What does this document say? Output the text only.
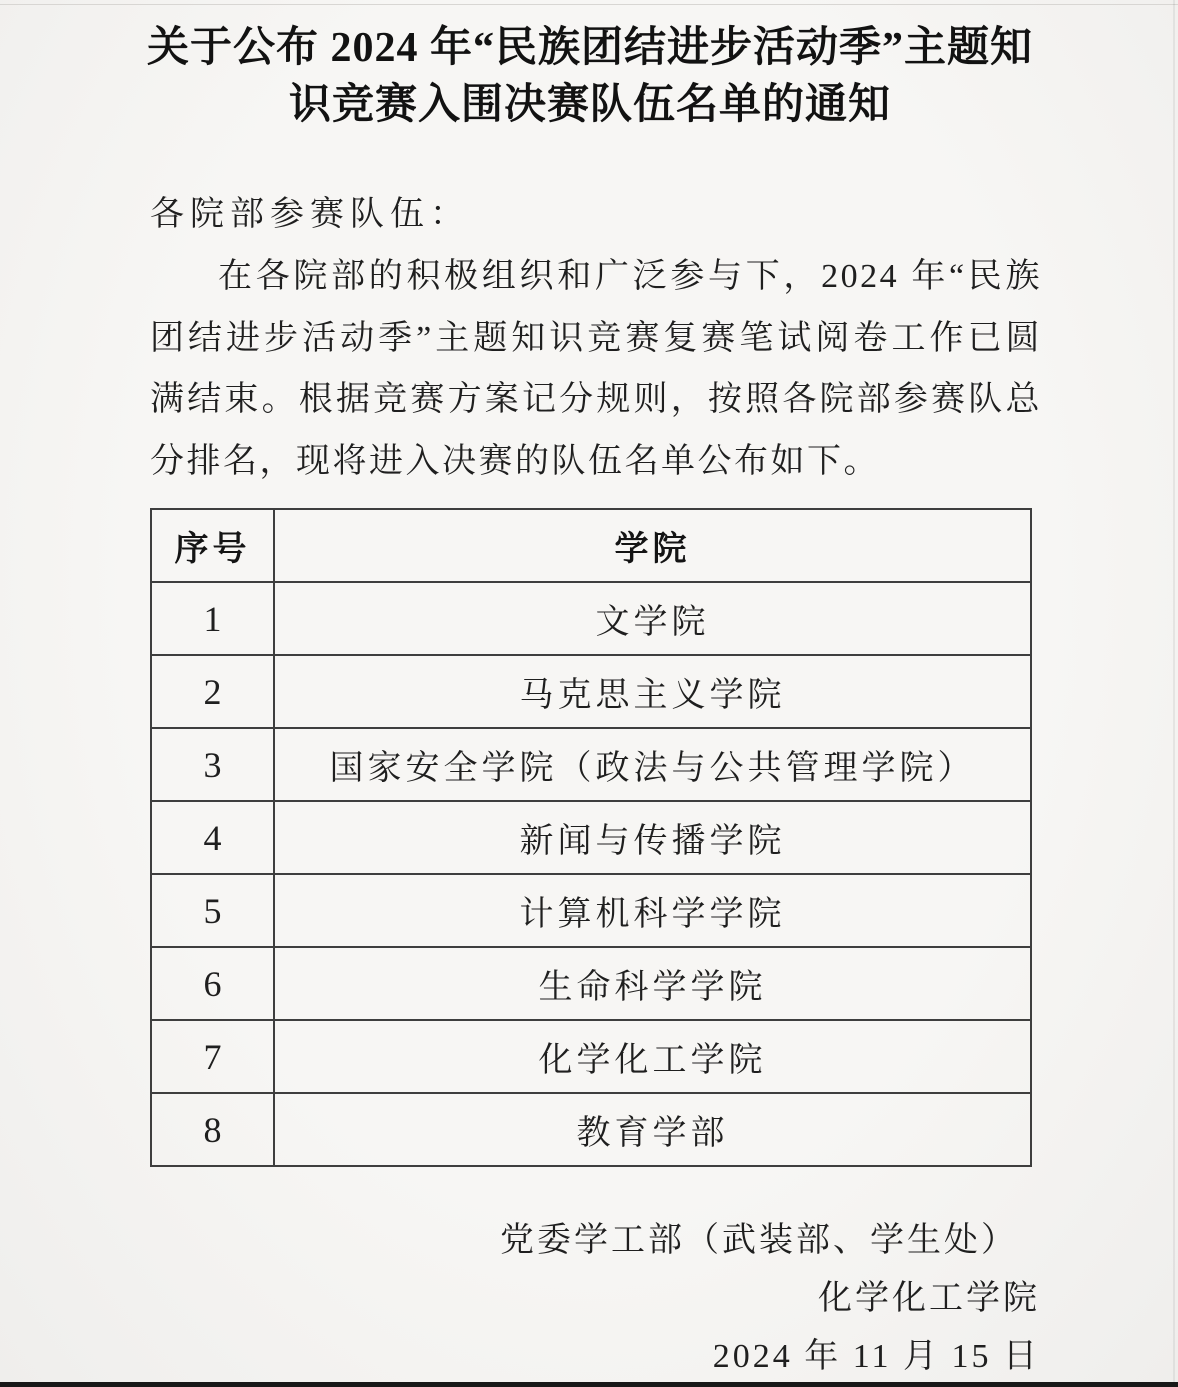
关于公布 2024 年“民族团结进步活动季”主题知
识竞赛入围决赛队伍名单的通知
各院部参赛队伍：
在各院部的积极组织和广泛参与下，2024 年“民族团结进步活动季”主题知识竞赛复赛笔试阅卷工作已圆满结束。根据竞赛方案记分规则，按照各院部参赛队总分排名，现将进入决赛的队伍名单公布如下。
序号	学院
1	文学院
2	马克思主义学院
3	国家安全学院（政法与公共管理学院）
4	新闻与传播学院
5	计算机科学学院
6	生命科学学院
7	化学化工学院
8	教育学部
党委学工部（武装部、学生处）
化学化工学院
2024 年 11 月 15 日
